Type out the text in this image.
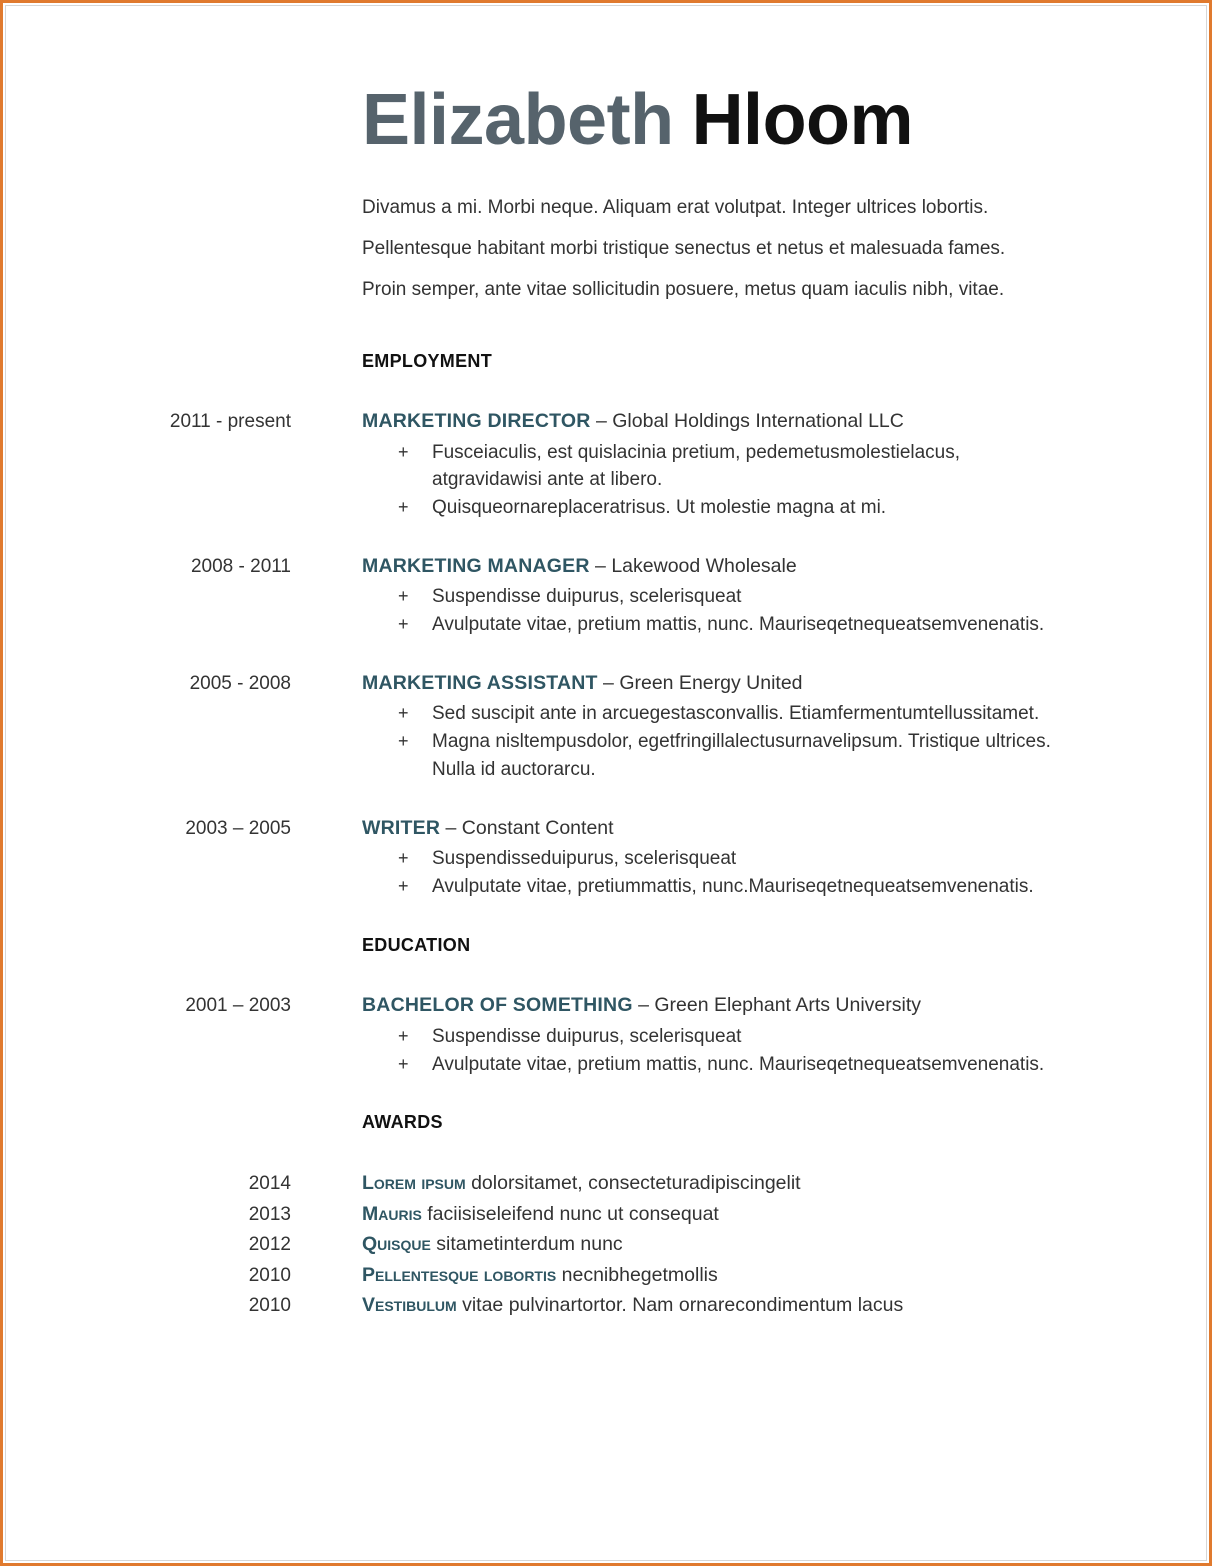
Elizabeth Hloom
Divamus a mi. Morbi neque. Aliquam erat volutpat. Integer ultrices lobortis.
Pellentesque habitant morbi tristique senectus et netus et malesuada fames.
Proin semper, ante vitae sollicitudin posuere, metus quam iaculis nibh, vitae.
EMPLOYMENT
2011 - present	MARKETING DIRECTOR – Global Holdings International LLC
+ Fusceiaculis, est quislacinia pretium, pedemetusmolestielacus,
atgravidawisi ante at libero.
+ Quisqueornareplaceratrisus. Ut molestie magna at mi.
2008 - 2011	MARKETING MANAGER – Lakewood Wholesale
+ Suspendisse duipurus, scelerisqueat
+ Avulputate vitae, pretium mattis, nunc. Mauriseqetnequeatsemvenenatis.
2005 - 2008	MARKETING ASSISTANT – Green Energy United
+ Sed suscipit ante in arcuegestasconvallis. Etiamfermentumtellussitamet.
+ Magna nisltempusdolor, egetfringillalectusurnavelipsum. Tristique ultrices.
Nulla id auctorarcu.
2003 – 2005	WRITER – Constant Content
+ Suspendisseduipurus, scelerisqueat
+ Avulputate vitae, pretiummattis, nunc.Mauriseqetnequeatsemvenenatis.
EDUCATION
2001 – 2003	BACHELOR OF SOMETHING – Green Elephant Arts University
+ Suspendisse duipurus, scelerisqueat
+ Avulputate vitae, pretium mattis, nunc. Mauriseqetnequeatsemvenenatis.
AWARDS
2014	Lorem ipsum dolorsitamet, consecteturadipiscingelit
2013	Mauris faciisiseleifend nunc ut consequat
2012	Quisque sitametinterdum nunc
2010	Pellentesque lobortis necnibhegetmollis
2010	Vestibulum vitae pulvinartortor. Nam ornarecondimentum lacus
